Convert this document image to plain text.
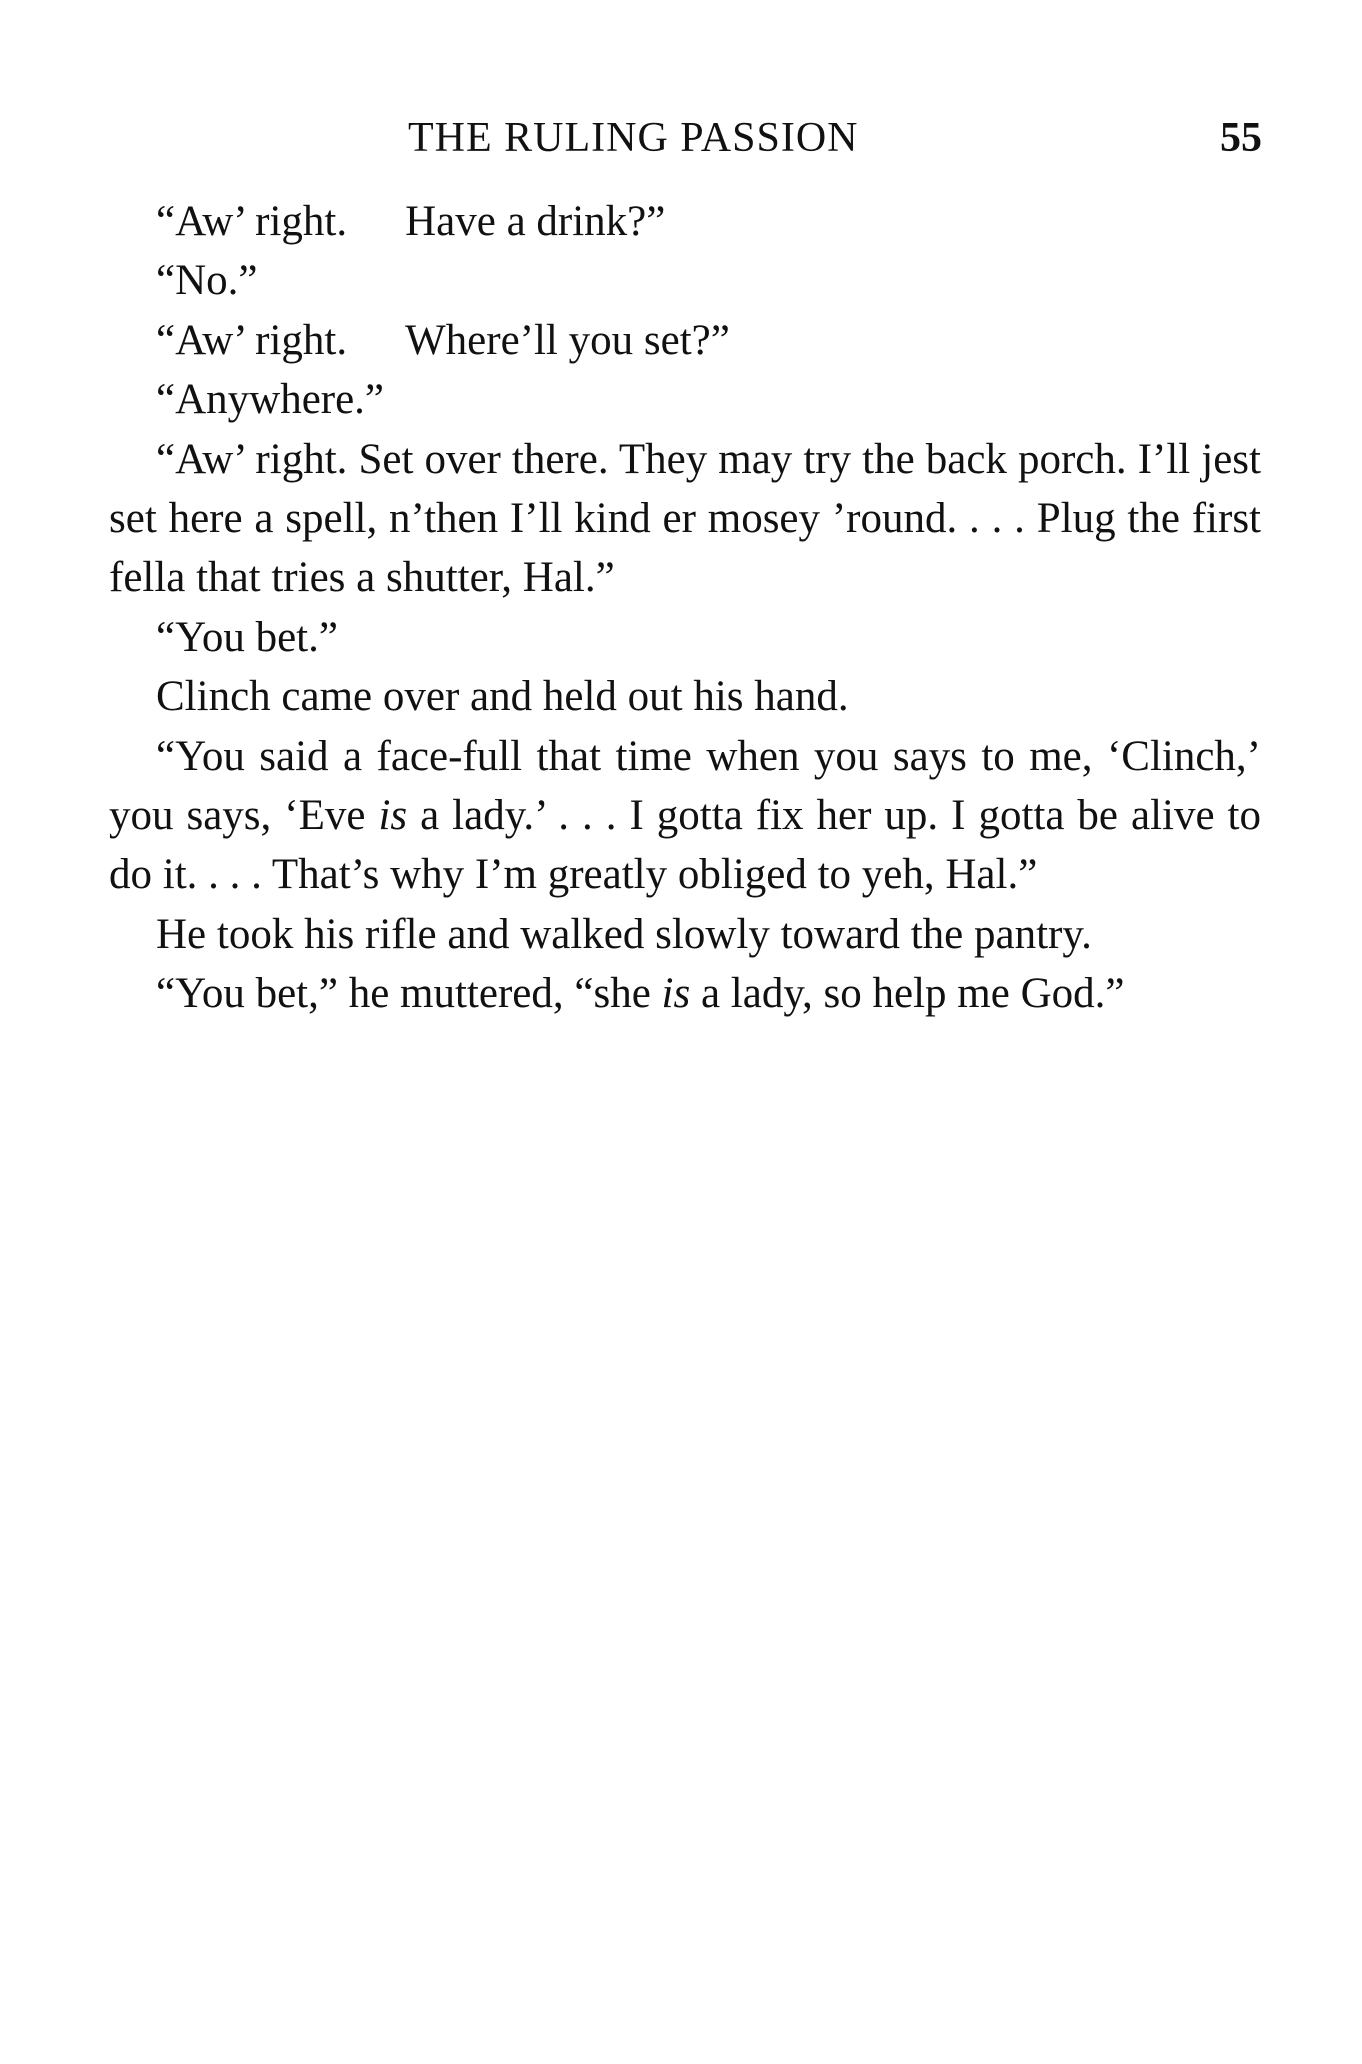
THE RULING PASSION	55

“Aw’ right. Have a drink?”

“No.”

“Aw’ right. Where’ll you set?”

“Anywhere.”

“Aw’ right. Set over there. They may try the back porch. I’ll jest set here a spell, n’then I’ll kind er mosey ’round. . . . Plug the first fella that tries a shutter, Hal.”

“You bet.”

Clinch came over and held out his hand.

“You said a face-full that time when you says to me, ‘Clinch,’ you says, ‘Eve is a lady.’ . . . I gotta fix her up. I gotta be alive to do it. . . . That’s why I’m greatly obliged to yeh, Hal.”

He took his rifle and walked slowly toward the pantry.

“You bet,” he muttered, “she is a lady, so help me God.”
